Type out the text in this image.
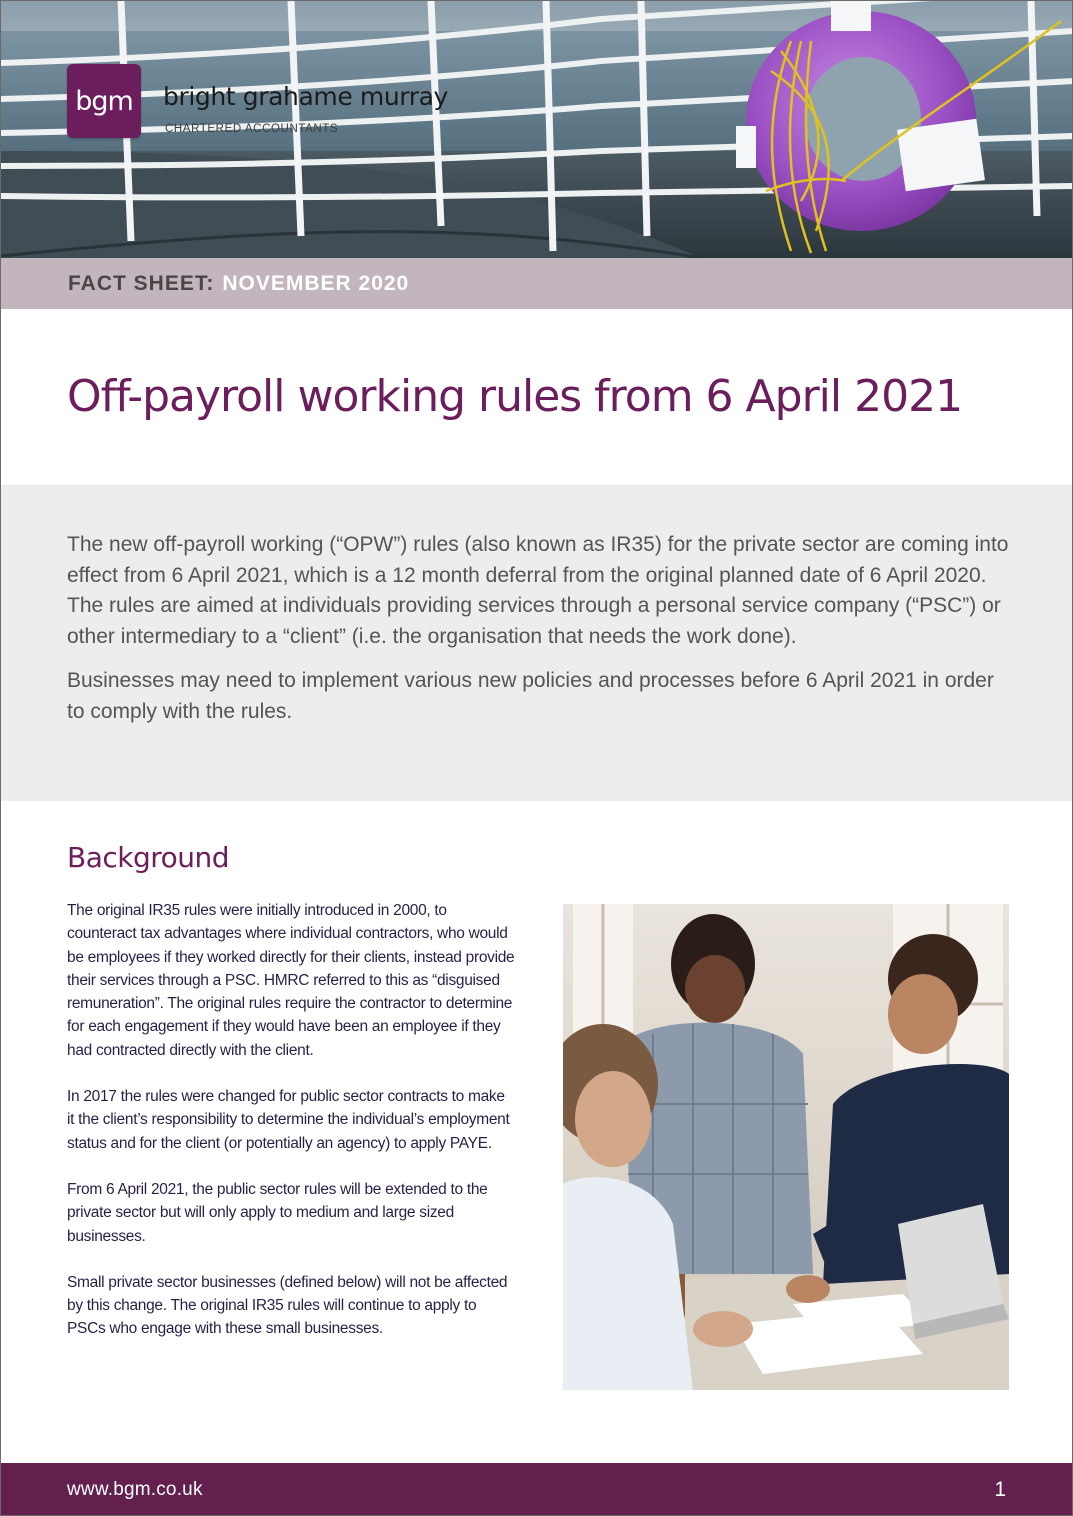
bgm bright grahame murray
CHARTERED ACCOUNTANTS
FACT SHEET: NOVEMBER 2020
Off-payroll working rules from 6 April 2021

The new off-payroll working (“OPW”) rules (also known as IR35) for the private sector are coming into effect from 6 April 2021, which is a 12 month deferral from the original planned date of 6 April 2020. The rules are aimed at individuals providing services through a personal service company (“PSC”) or other intermediary to a “client” (i.e. the organisation that needs the work done).

Businesses may need to implement various new policies and processes before 6 April 2021 in order to comply with the rules.

Background

The original IR35 rules were initially introduced in 2000, to counteract tax advantages where individual contractors, who would be employees if they worked directly for their clients, instead provide their services through a PSC. HMRC referred to this as “disguised remuneration”. The original rules require the contractor to determine for each engagement if they would have been an employee if they had contracted directly with the client.

In 2017 the rules were changed for public sector contracts to make it the client’s responsibility to determine the individual’s employment status and for the client (or potentially an agency) to apply PAYE.

From 6 April 2021, the public sector rules will be extended to the private sector but will only apply to medium and large sized businesses.

Small private sector businesses (defined below) will not be affected by this change. The original IR35 rules will continue to apply to PSCs who engage with these small businesses.

www.bgm.co.uk	1
